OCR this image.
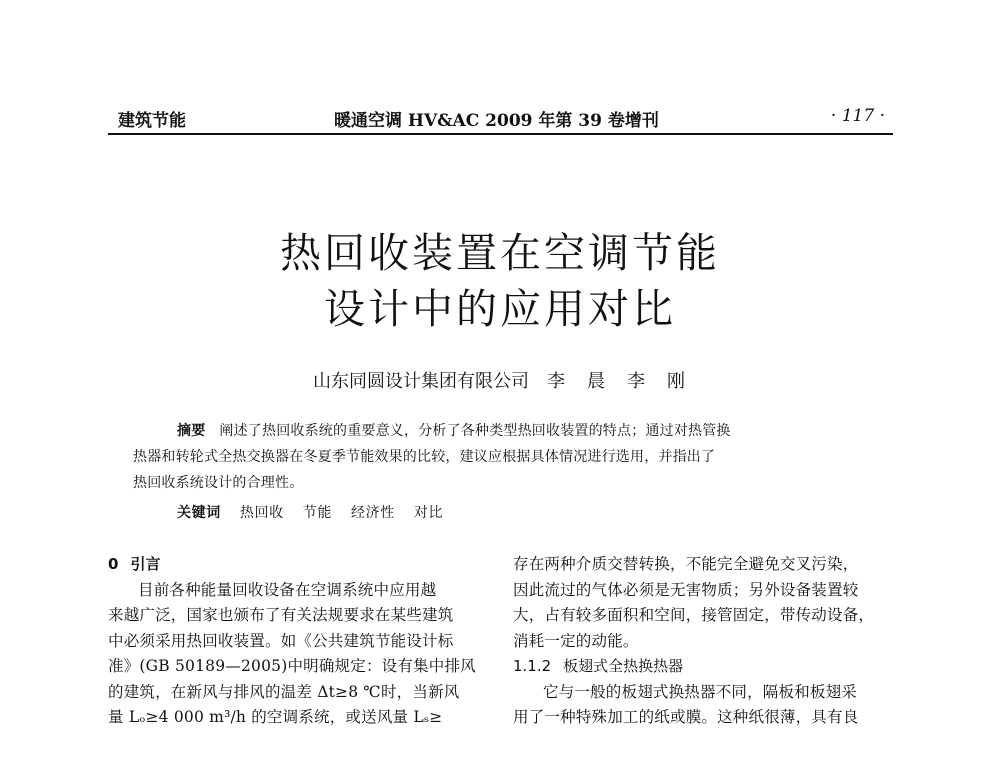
建筑节能	暖通空调 HV&AC 2009 年第 39 卷增刊	· 117 ·
热回收装置在空调节能
设计中的应用对比
山东同圆设计集团有限公司 李　晨　李　刚
摘要 阐述了热回收系统的重要意义，分析了各种类型热回收装置的特点；通过对热管换
热器和转轮式全热交换器在冬夏季节能效果的比较，建议应根据具体情况进行选用，并指出了
热回收系统设计的合理性。
关键词 热回收 节能 经济性 对比
0 引言
目前各种能量回收设备在空调系统中应用越
来越广泛，国家也颁布了有关法规要求在某些建筑
中必须采用热回收装置。如《公共建筑节能设计标
准》(GB 50189—2005)中明确规定：设有集中排风
的建筑，在新风与排风的温差 Δt≥8 ℃时，当新风
量 Lₒ≥4 000 m³/h 的空调系统，或送风量 Lₛ≥
存在两种介质交替转换，不能完全避免交叉污染，
因此流过的气体必须是无害物质；另外设备装置较
大，占有较多面积和空间，接管固定，带传动设备，
消耗一定的动能。
1.1.2 板翅式全热换热器
它与一般的板翅式换热器不同，隔板和板翅采
用了一种特殊加工的纸或膜。这种纸很薄，具有良
